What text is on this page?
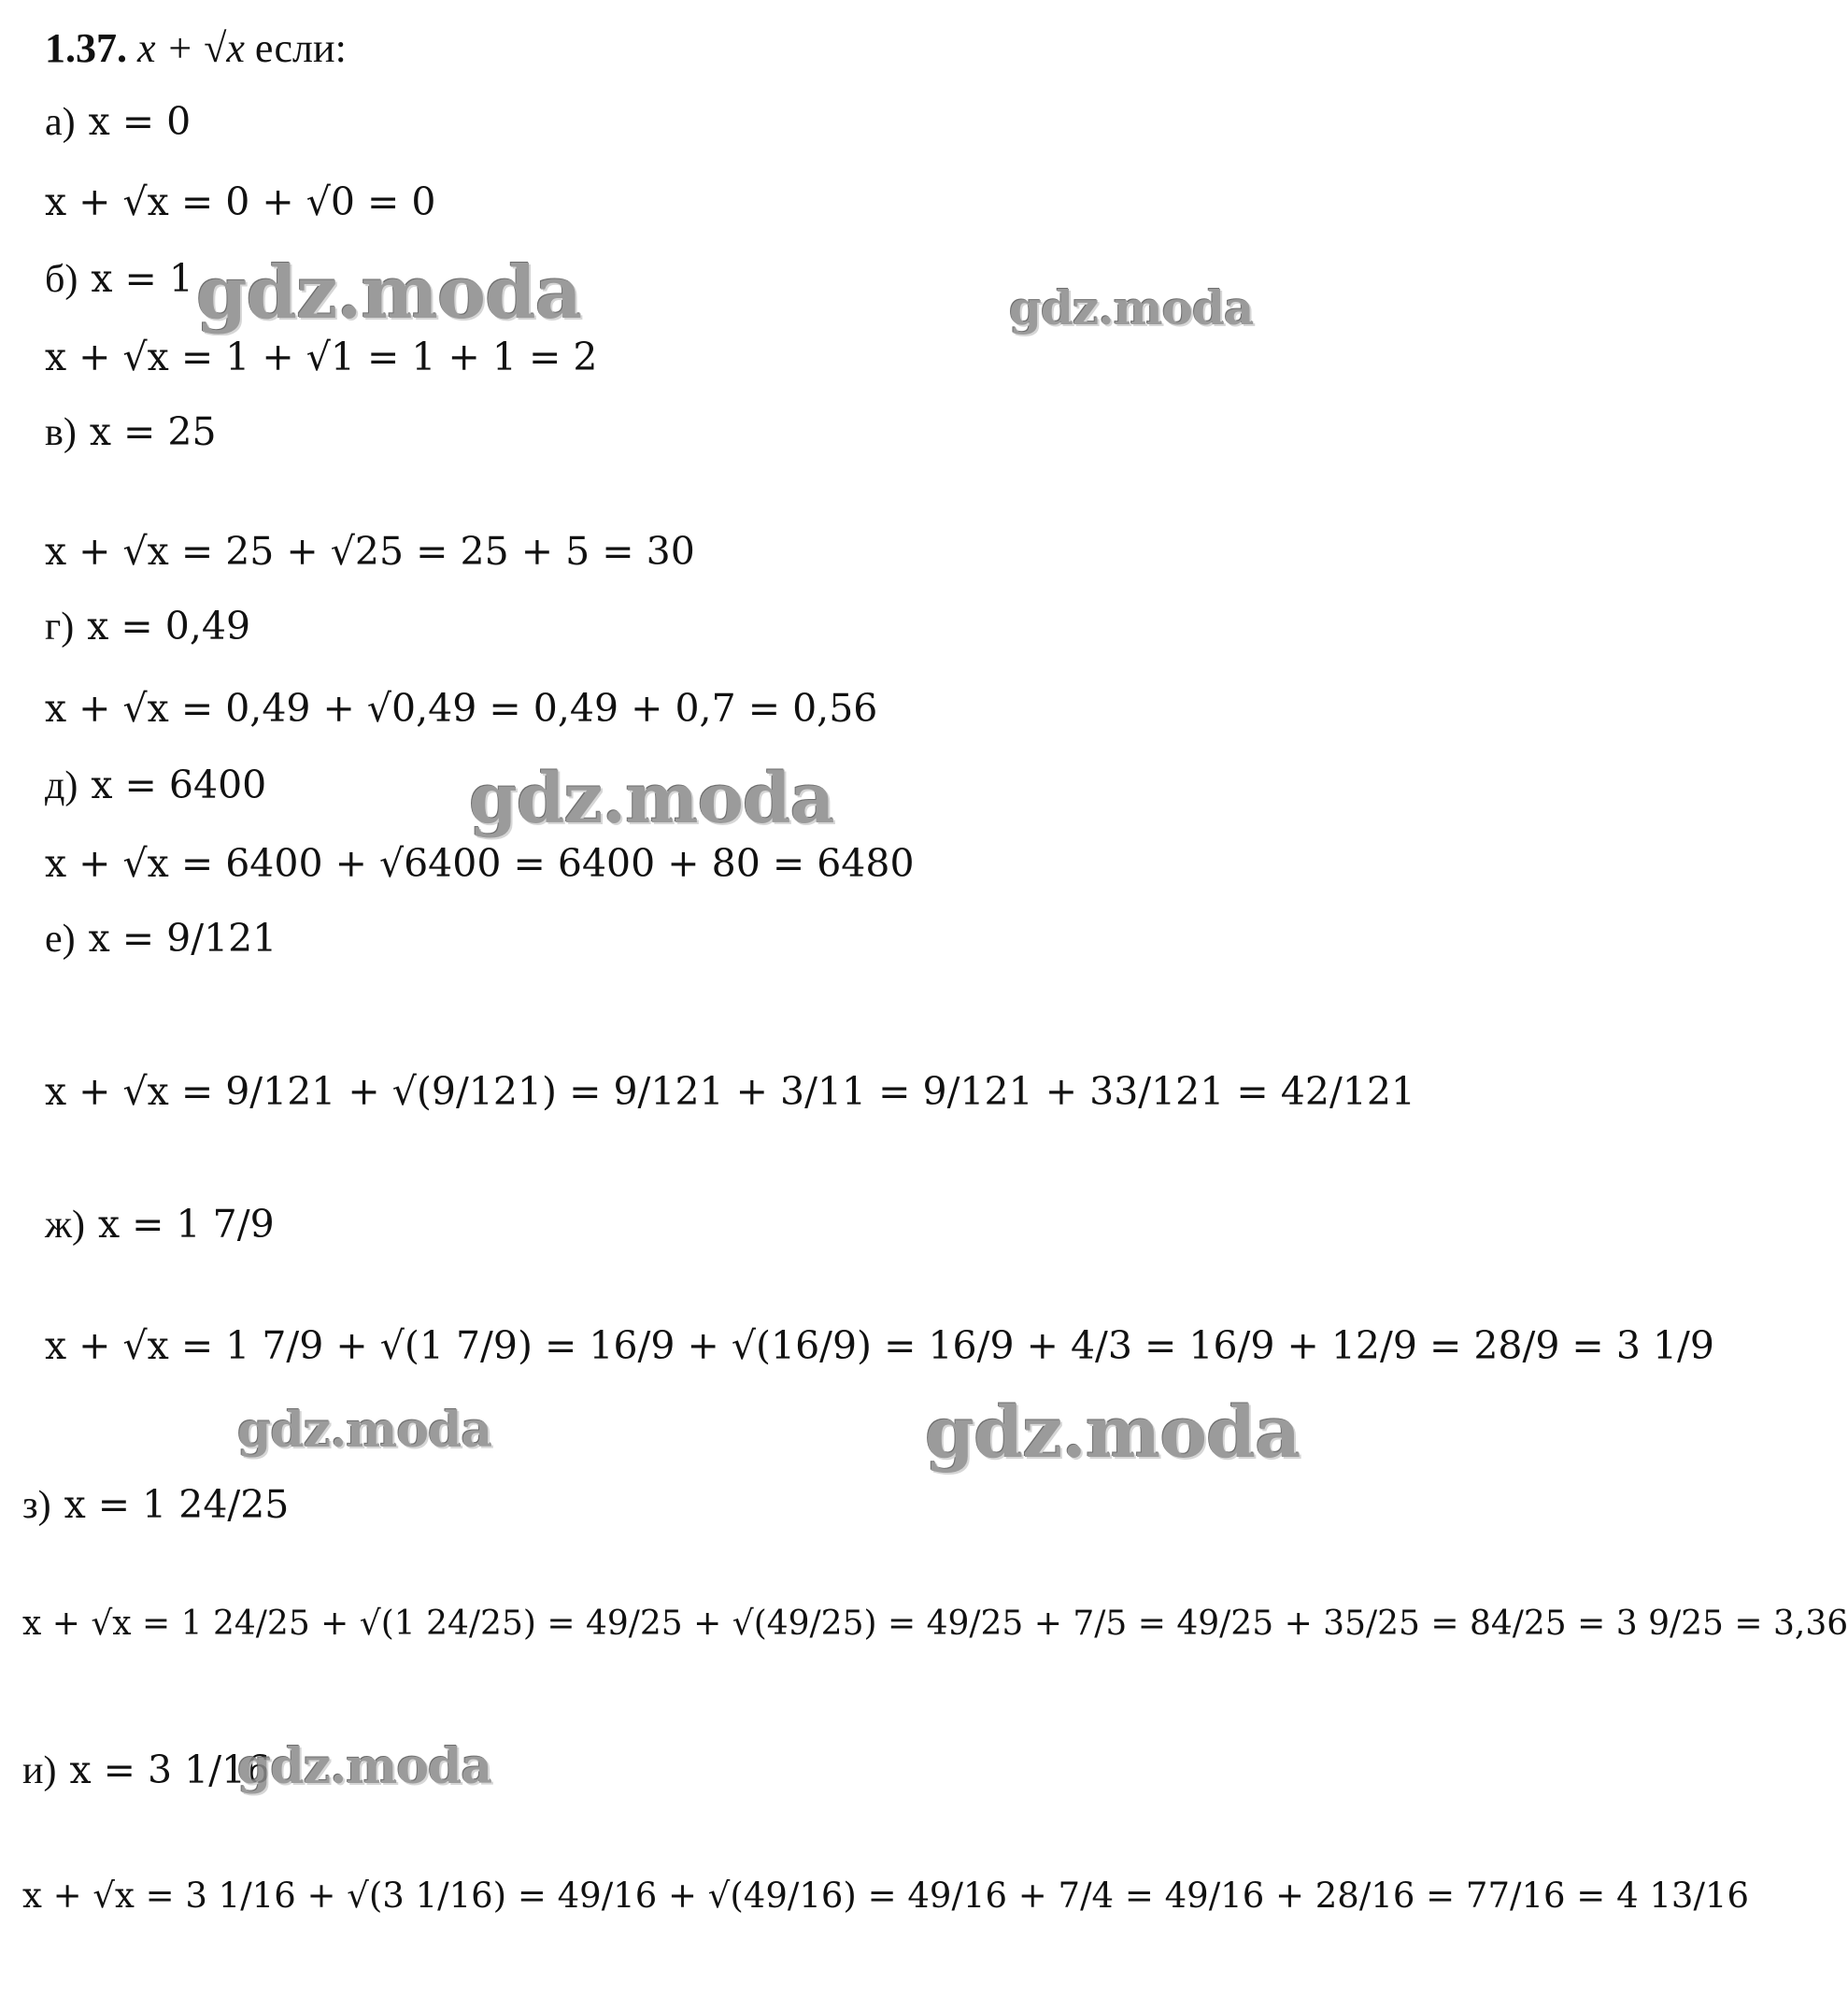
1.37. x + √x если:
а) x = 0
x + √x = 0 + √0 = 0
б) x = 1
x + √x = 1 + √1 = 1 + 1 = 2
в) x = 25
x + √x = 25 + √25 = 25 + 5 = 30
г) x = 0,49
x + √x = 0,49 + √0,49 = 0,49 + 0,7 = 0,56
д) x = 6400
x + √x = 6400 + √6400 = 6400 + 80 = 6480
е) x = 9/121
x + √x = 9/121 + √(9/121) = 9/121 + 3/11 = 9/121 + 33/121 = 42/121
ж) x = 1 7/9
x + √x = 1 7/9 + √(1 7/9) = 16/9 + √(16/9) = 16/9 + 4/3 = 16/9 + 12/9 = 28/9 = 3 1/9
з) x = 1 24/25
x + √x = 1 24/25 + √(1 24/25) = 49/25 + √(49/25) = 49/25 + 7/5 = 49/25 + 35/25 = 84/25 = 3 9/25 = 3,36
и) x = 3 1/16
x + √x = 3 1/16 + √(3 1/16) = 49/16 + √(49/16) = 49/16 + 7/4 = 49/16 + 28/16 = 77/16 = 4 13/16
gdz.moda	gdz.moda
gdz.moda
gdz.moda	gdz.moda
gdz.moda
